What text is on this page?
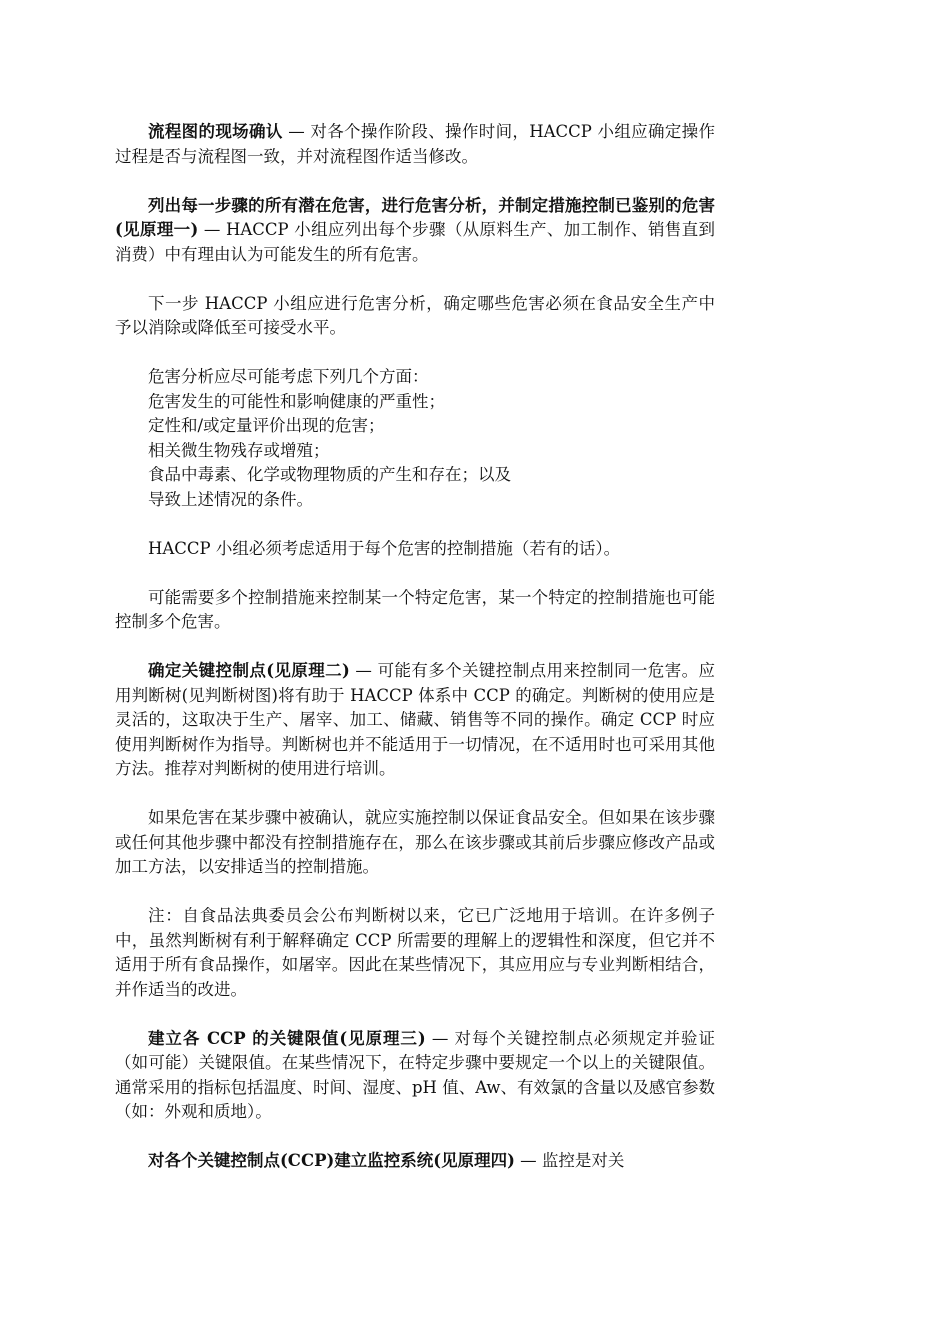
流程图的现场确认 — 对各个操作阶段、操作时间，HACCP 小组应确定操作过程是否与流程图一致，并对流程图作适当修改。

列出每一步骤的所有潜在危害，进行危害分析，并制定措施控制已鉴别的危害(见原理一) — HACCP 小组应列出每个步骤（从原料生产、加工制作、销售直到消费）中有理由认为可能发生的所有危害。

下一步 HACCP 小组应进行危害分析，确定哪些危害必须在食品安全生产中予以消除或降低至可接受水平。

危害分析应尽可能考虑下列几个方面：
危害发生的可能性和影响健康的严重性；
定性和/或定量评价出现的危害；
相关微生物残存或增殖；
食品中毒素、化学或物理物质的产生和存在；以及
导致上述情况的条件。

HACCP 小组必须考虑适用于每个危害的控制措施（若有的话）。

可能需要多个控制措施来控制某一个特定危害，某一个特定的控制措施也可能控制多个危害。

确定关键控制点(见原理二) — 可能有多个关键控制点用来控制同一危害。应用判断树(见判断树图)将有助于 HACCP 体系中 CCP 的确定。判断树的使用应是灵活的，这取决于生产、屠宰、加工、储藏、销售等不同的操作。确定 CCP 时应使用判断树作为指导。判断树也并不能适用于一切情况，在不适用时也可采用其他方法。推荐对判断树的使用进行培训。

如果危害在某步骤中被确认，就应实施控制以保证食品安全。但如果在该步骤或任何其他步骤中都没有控制措施存在，那么在该步骤或其前后步骤应修改产品或加工方法，以安排适当的控制措施。

注：自食品法典委员会公布判断树以来，它已广泛地用于培训。在许多例子中，虽然判断树有利于解释确定 CCP 所需要的理解上的逻辑性和深度，但它并不适用于所有食品操作，如屠宰。因此在某些情况下，其应用应与专业判断相结合，并作适当的改进。

建立各 CCP 的关键限值(见原理三) — 对每个关键控制点必须规定并验证（如可能）关键限值。在某些情况下，在特定步骤中要规定一个以上的关键限值。通常采用的指标包括温度、时间、湿度、pH 值、Aw、有效氯的含量以及感官参数（如：外观和质地）。

对各个关键控制点(CCP)建立监控系统(见原理四) — 监控是对关
